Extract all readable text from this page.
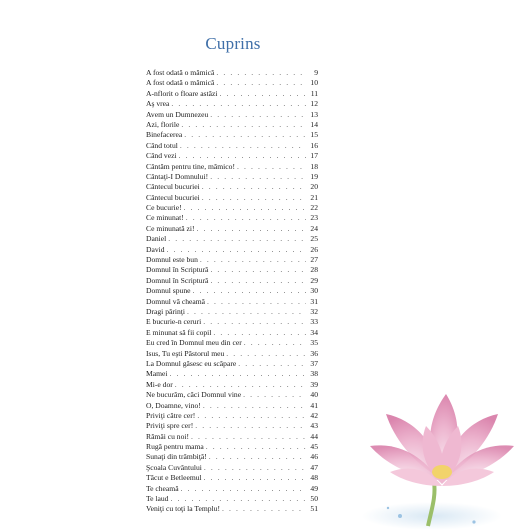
Cuprins
A fost odată o mămică . . .	9
A fost odată o mămică . . .	10
A-nflorit o floare astăzi . . .	11
Aş vrea . . .	12
Avem un Dumnezeu . . .	13
Azi, florile . . .	14
Binefacerea . . .	15
Când totul . . .	16
Când vezi . . .	17
Cântăm pentru tine, mămico! . . .	18
Cântaţi-I Domnului! . . .	19
Cântecul bucuriei . . .	20
Cântecul bucuriei . . .	21
Ce bucurie! . . .	22
Ce minunat! . . .	23
Ce minunată zi! . . .	24
Daniel . . .	25
David . . .	26
Domnul este bun . . .	27
Domnul în Scriptură . . .	28
Domnul în Scriptură . . .	29
Domnul spune . . .	30
Domnul vă cheamă . . .	31
Dragi părinţi . . .	32
E bucurie-n ceruri . . .	33
E minunat să fii copil . . .	34
Eu cred în Domnul meu din cer . . .	35
Isus, Tu eşti Păstorul meu . . .	36
La Domnul găsesc eu scăpare . . .	37
Mamei . . .	38
Mi-e dor . . .	39
Ne bucurăm, căci Domnul vine . . .	40
O, Doamne, vino! . . .	41
Priviţi către cer! . . .	42
Priviţi spre cer! . . .	43
Rămâi cu noi! . . .	44
Rugă pentru mama . . .	45
Sunaţi din trâmbiţă! . . .	46
Şcoala Cuvântului . . .	47
Tăcut e Betleemul . . .	48
Te cheamă . . .	49
Te laud . . .	50
Veniţi cu toţi la Templu! . . .	51
